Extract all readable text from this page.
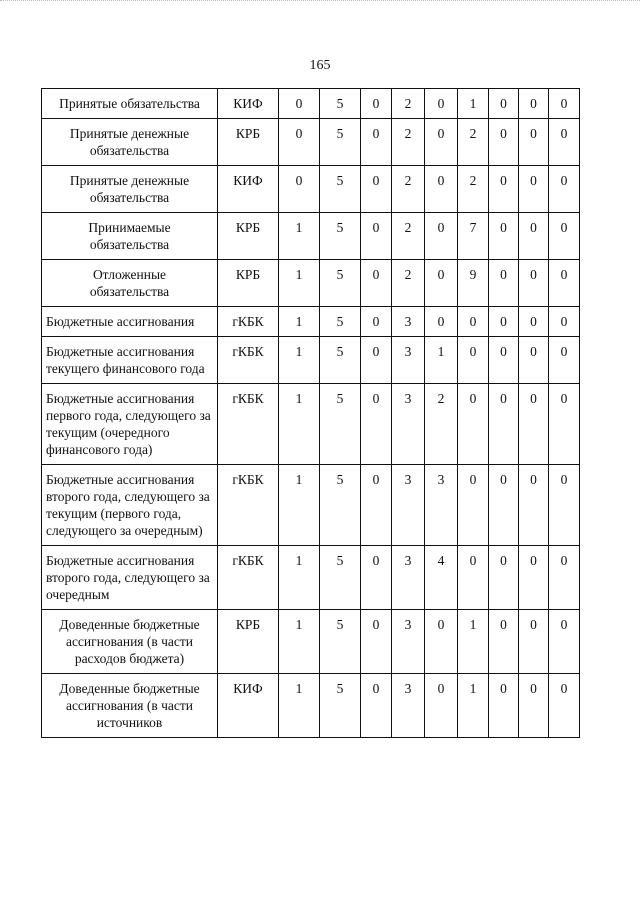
165
Принятые обязательства	КИФ	0	5	0	2	0	1	0	0	0

Принятые денежные обязательства	КРБ	0	5	0	2	0	2	0	0	0

Принятые денежные обязательства	КИФ	0	5	0	2	0	2	0	0	0

Принимаемые обязательства	КРБ	1	5	0	2	0	7	0	0	0

Отложенные обязательства	КРБ	1	5	0	2	0	9	0	0	0

Бюджетные ассигнования	гКБК	1	5	0	3	0	0	0	0	0

Бюджетные ассигнования текущего финансового года	гКБК	1	5	0	3	1	0	0	0	0

Бюджетные ассигнования первого года, следующего за текущим (очередного финансового года)	гКБК	1	5	0	3	2	0	0	0	0

Бюджетные ассигнования второго года, следующего за текущим (первого года, следующего за очередным)	гКБК	1	5	0	3	3	0	0	0	0

Бюджетные ассигнования второго года, следующего за очередным	гКБК	1	5	0	3	4	0	0	0	0

Доведенные бюджетные ассигнования (в части расходов бюджета)	КРБ	1	5	0	3	0	1	0	0	0

Доведенные бюджетные ассигнования (в части источников	КИФ	1	5	0	3	0	1	0	0	0
